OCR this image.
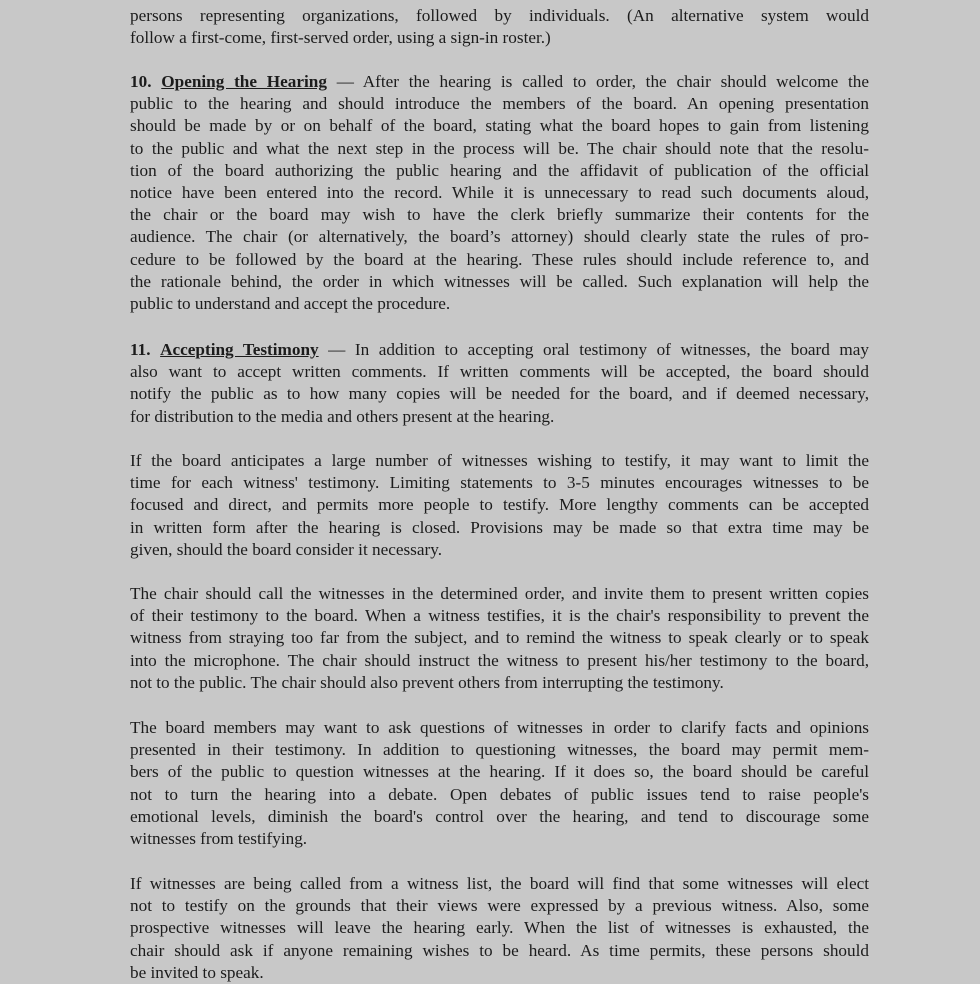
persons representing organizations, followed by individuals. (An alternative system would
follow a first-come, first-served order, using a sign-in roster.)
10. Opening the Hearing — After the hearing is called to order, the chair should welcome the
public to the hearing and should introduce the members of the board. An opening presentation
should be made by or on behalf of the board, stating what the board hopes to gain from listening
to the public and what the next step in the process will be. The chair should note that the resolu-
tion of the board authorizing the public hearing and the affidavit of publication of the official
notice have been entered into the record. While it is unnecessary to read such documents aloud,
the chair or the board may wish to have the clerk briefly summarize their contents for the
audience. The chair (or alternatively, the board’s attorney) should clearly state the rules of pro-
cedure to be followed by the board at the hearing. These rules should include reference to, and
the rationale behind, the order in which witnesses will be called. Such explanation will help the
public to understand and accept the procedure.
11. Accepting Testimony — In addition to accepting oral testimony of witnesses, the board may
also want to accept written comments. If written comments will be accepted, the board should
notify the public as to how many copies will be needed for the board, and if deemed necessary,
for distribution to the media and others present at the hearing.
If the board anticipates a large number of witnesses wishing to testify, it may want to limit the
time for each witness' testimony. Limiting statements to 3-5 minutes encourages witnesses to be
focused and direct, and permits more people to testify. More lengthy comments can be accepted
in written form after the hearing is closed. Provisions may be made so that extra time may be
given, should the board consider it necessary.
The chair should call the witnesses in the determined order, and invite them to present written copies
of their testimony to the board. When a witness testifies, it is the chair's responsibility to prevent the
witness from straying too far from the subject, and to remind the witness to speak clearly or to speak
into the microphone. The chair should instruct the witness to present his/her testimony to the board,
not to the public. The chair should also prevent others from interrupting the testimony.
The board members may want to ask questions of witnesses in order to clarify facts and opinions
presented in their testimony. In addition to questioning witnesses, the board may permit mem-
bers of the public to question witnesses at the hearing. If it does so, the board should be careful
not to turn the hearing into a debate. Open debates of public issues tend to raise people's
emotional levels, diminish the board's control over the hearing, and tend to discourage some
witnesses from testifying.
If witnesses are being called from a witness list, the board will find that some witnesses will elect
not to testify on the grounds that their views were expressed by a previous witness. Also, some
prospective witnesses will leave the hearing early. When the list of witnesses is exhausted, the
chair should ask if anyone remaining wishes to be heard. As time permits, these persons should
be invited to speak.
